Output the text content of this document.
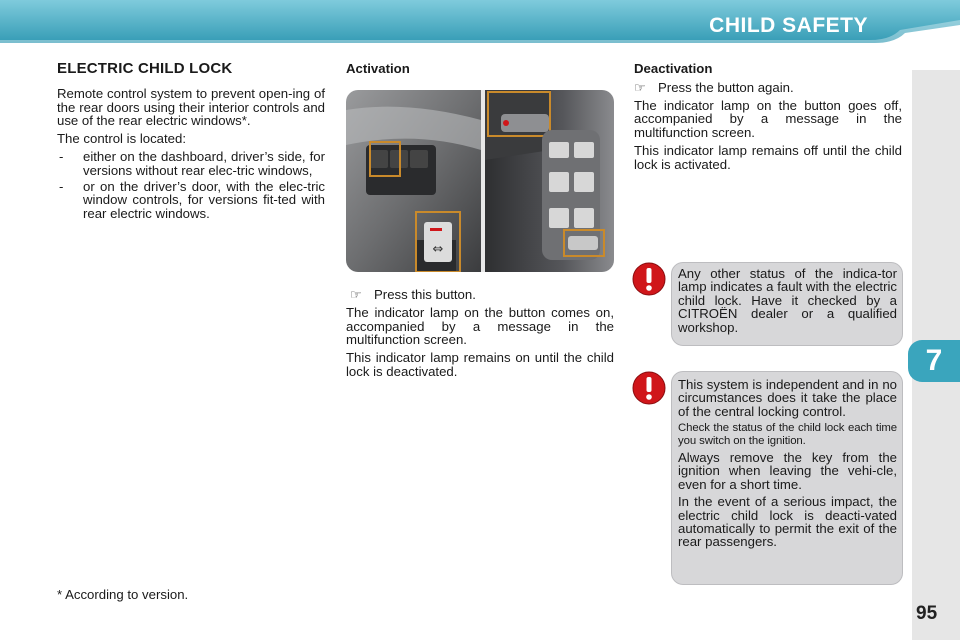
CHILD SAFETY
7
95
ELECTRIC CHILD LOCK

Remote control system to prevent open-ing of the rear doors using their interior controls and use of the rear electric windows*.

The control is located:

-	either on the dashboard, driver’s side, for versions without rear elec-tric windows,
-	or on the driver’s door, with the elec-tric window controls, for versions fit-ted with rear electric windows.
* According to version.
Activation
⇔
☞ Press this button.

The indicator lamp on the button comes on, accompanied by a message in the multifunction screen.

This indicator lamp remains on until the child lock is deactivated.

Deactivation
☞ Press the button again.

The indicator lamp on the button goes off, accompanied by a message in the multifunction screen.

This indicator lamp remains off until the child lock is activated.

Any other status of the indica-tor lamp indicates a fault with the electric child lock. Have it checked by a CITROËN dealer or a qualified workshop.

This system is independent and in no circumstances does it take the place of the central locking control.

Check the status of the child lock each time you switch on the ignition.

Always remove the key from the ignition when leaving the vehi-cle, even for a short time.

In the event of a serious impact, the electric child lock is deacti-vated automatically to permit the exit of the rear passengers.
